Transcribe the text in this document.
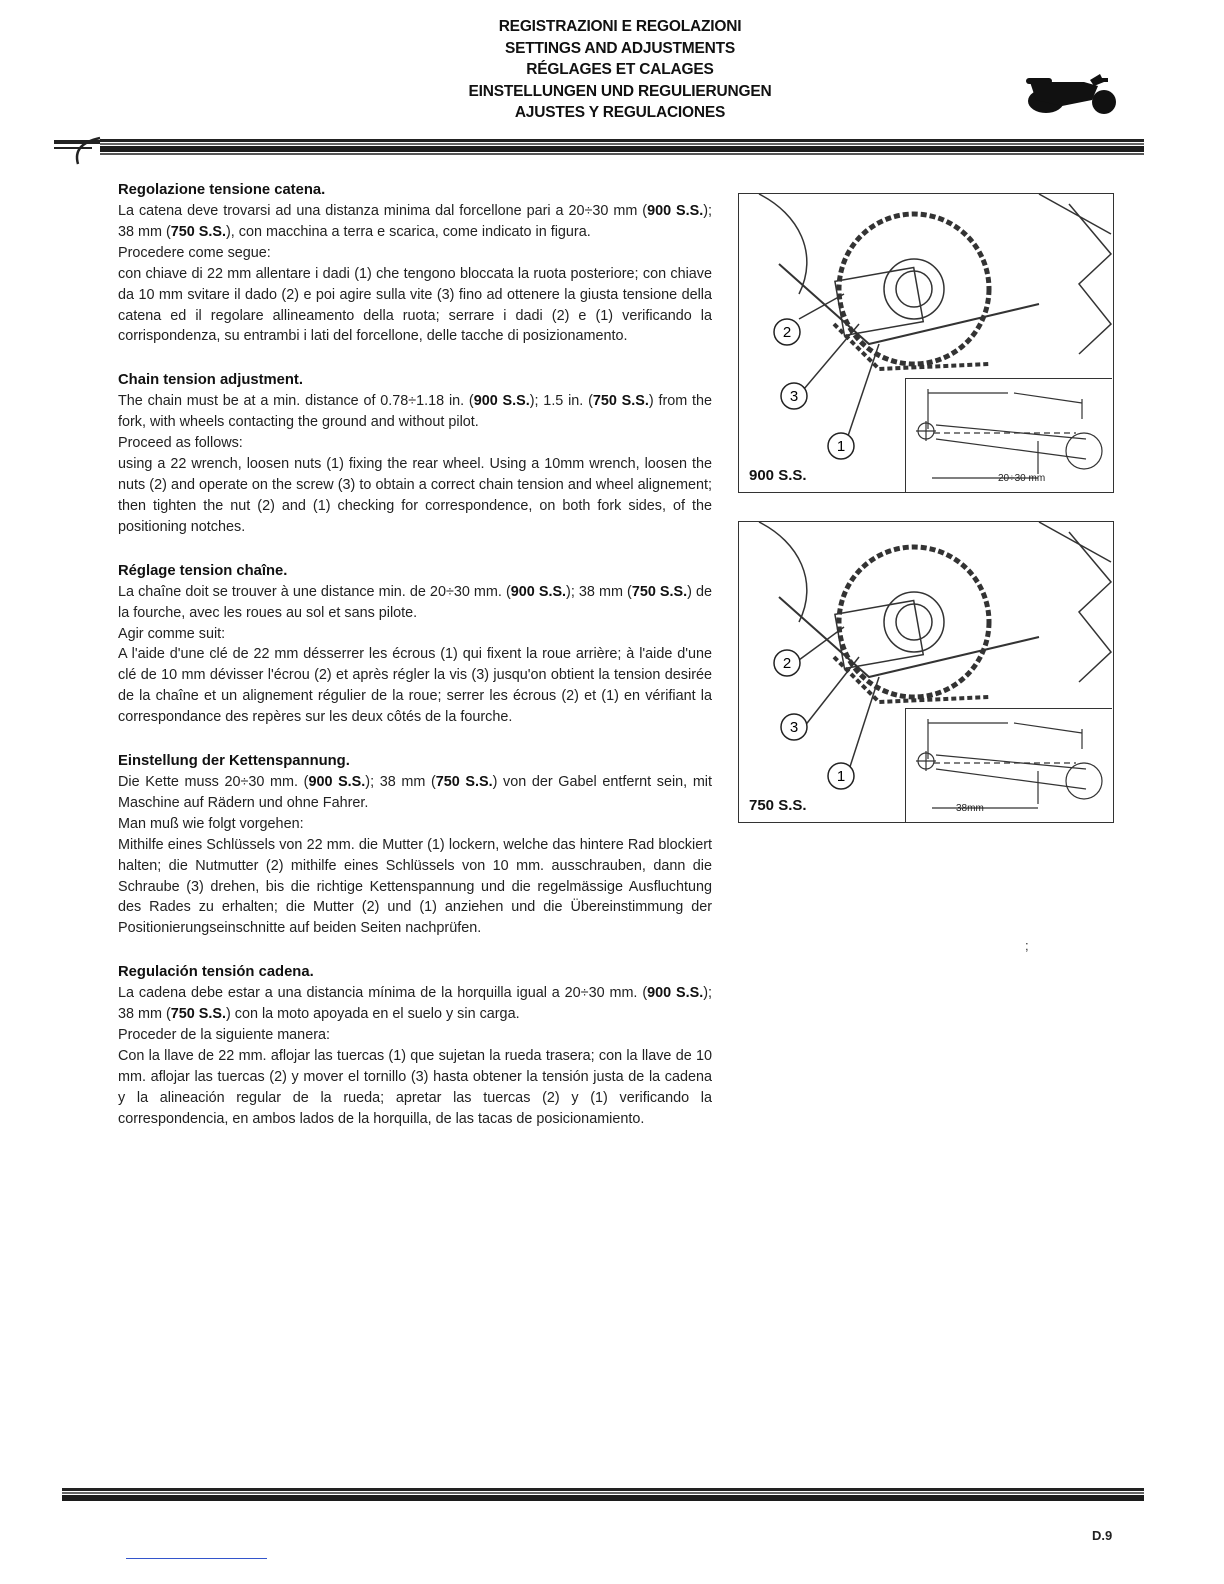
REGISTRAZIONI E REGOLAZIONI
SETTINGS AND ADJUSTMENTS
RÉGLAGES ET CALAGES
EINSTELLUNGEN UND REGULIERUNGEN
AJUSTES Y REGULACIONES
Regolazione tensione catena.

La catena deve trovarsi ad una distanza minima dal forcellone pari a 20÷30 mm (900 S.S.); 38 mm (750 S.S.), con macchina a terra e scarica, come indicato in figura.

Procedere come segue:

con chiave di 22 mm allentare i dadi (1) che tengono bloccata la ruota posteriore; con chiave da 10 mm svitare il dado (2) e poi agire sulla vite (3) fino ad ottenere la giusta tensione della catena ed il regolare allineamento della ruota; serrare i dadi (2) e (1) verificando la corrispondenza, su entrambi i lati del forcellone, delle tacche di posizionamento.

Chain tension adjustment.

The chain must be at a min. distance of 0.78÷1.18 in. (900 S.S.); 1.5 in. (750 S.S.) from the fork, with wheels contacting the ground and without pilot.

Proceed as follows:

using a 22 wrench, loosen nuts (1) fixing the rear wheel. Using a 10mm wrench, loosen the nuts (2) and operate on the screw (3) to obtain a correct chain tension and wheel alignement; then tighten the nut (2) and (1) checking for correspondence, on both fork sides, of the positioning notches.

Réglage tension chaîne.

La chaîne doit se trouver à une distance min. de 20÷30 mm. (900 S.S.); 38 mm (750 S.S.) de la fourche, avec les roues au sol et sans pilote.

Agir comme suit:

A l'aide d'une clé de 22 mm désserrer les écrous (1) qui fixent la roue arrière; à l'aide d'une clé de 10 mm dévisser l'écrou (2) et après régler la vis (3) jusqu'on obtient la tension desirée de la chaîne et un alignement régulier de la roue; serrer les écrous (2) et (1) en vérifiant la correspondance des repères sur les deux côtés de la fourche.

Einstellung der Kettenspannung.

Die Kette muss 20÷30 mm. (900 S.S.); 38 mm (750 S.S.) von der Gabel entfernt sein, mit Maschine auf Rädern und ohne Fahrer.

Man muß wie folgt vorgehen:

Mithilfe eines Schlüssels von 22 mm. die Mutter (1) lockern, welche das hintere Rad blockiert halten; die Nutmutter (2) mithilfe eines Schlüssels von 10 mm. ausschrauben, dann die Schraube (3) drehen, bis die richtige Kettenspannung und die regelmässige Ausfluchtung des Rades zu erhalten; die Mutter (2) und (1) anziehen und die Übereinstimmung der Positionierungseinschnitte auf beiden Seiten nachprüfen.

Regulación tensión cadena.

La cadena debe estar a una distancia mínima de la horquilla igual a 20÷30 mm. (900 S.S.); 38 mm (750 S.S.) con la moto apoyada en el suelo y sin carga.

Proceder de la siguiente manera:

Con la llave de 22 mm. aflojar las tuercas (1) que sujetan la rueda trasera; con la llave de 10 mm. aflojar las tuercas (2) y mover el tornillo (3) hasta obtener la tensión justa de la cadena y la alineación regular de la rueda; apretar las tuercas (2) y (1) verificando la correspondencia, en ambos lados de la horquilla, de las tacas de posicionamiento.

2
3
1
20÷30 mm
900 S.S.
2
3
1
38mm
750 S.S.
;
D.9
